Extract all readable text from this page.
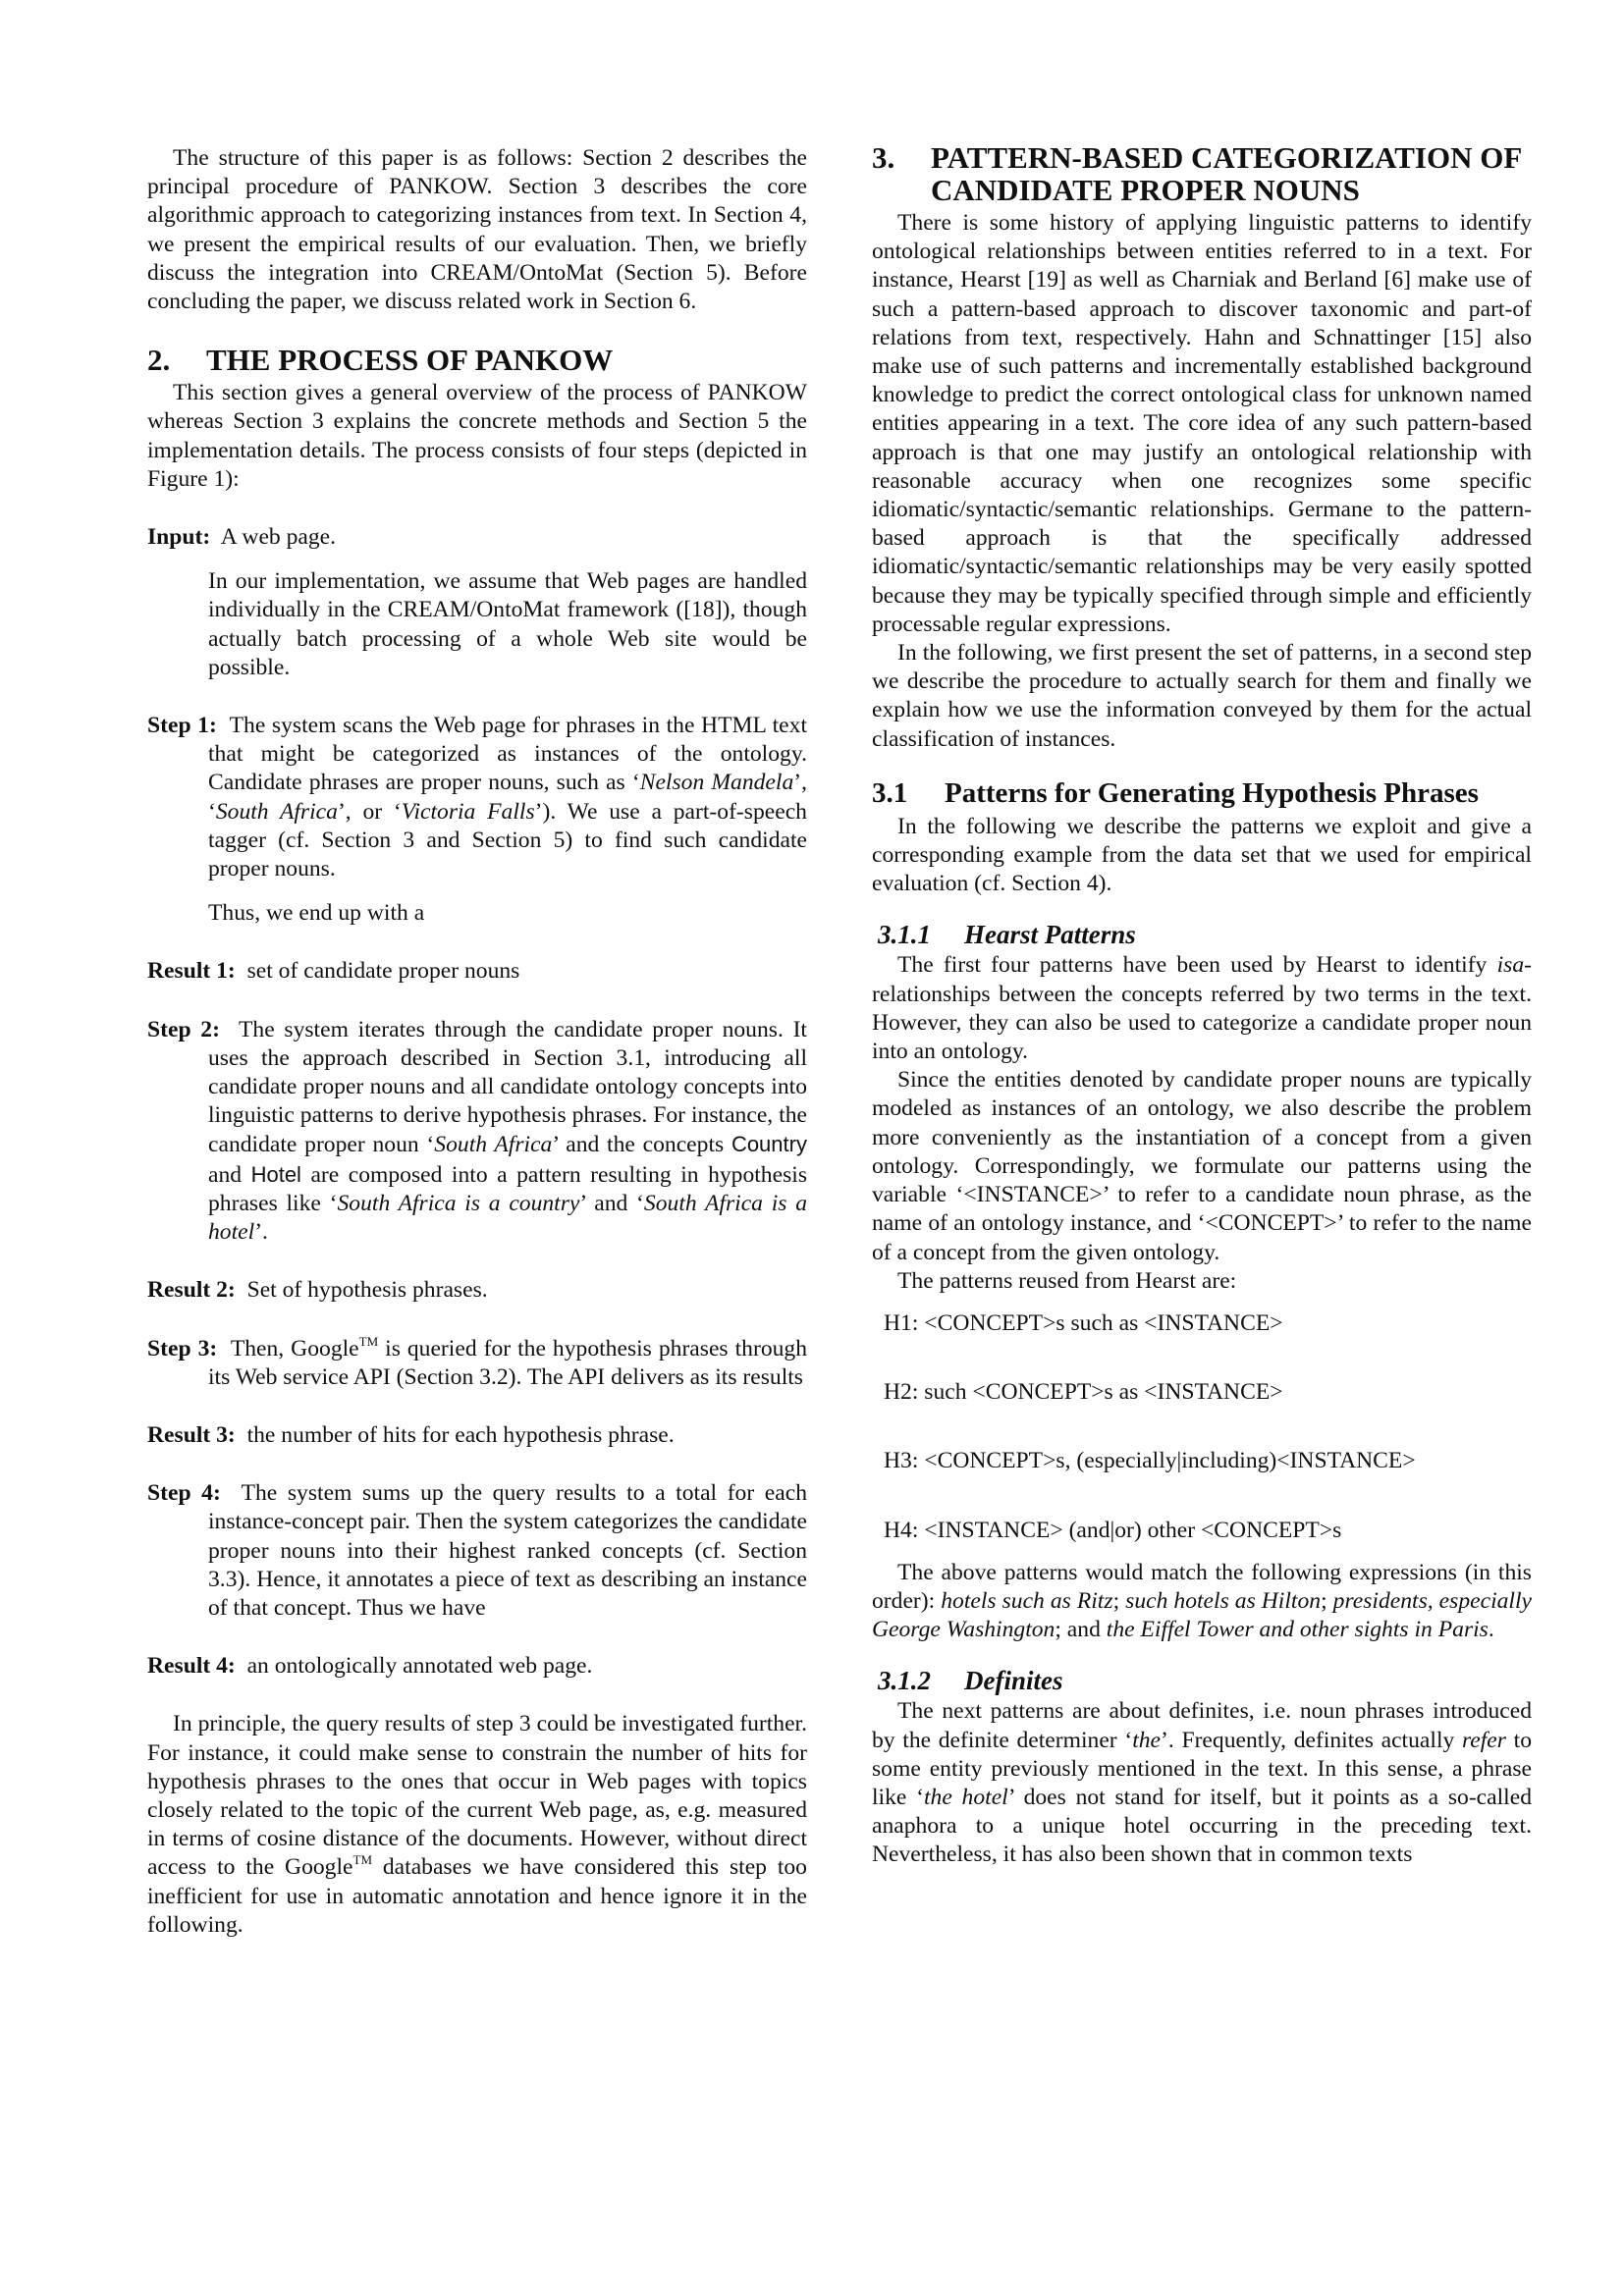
The structure of this paper is as follows: Section 2 describes the principal procedure of PANKOW. Section 3 describes the core algorithmic approach to categorizing instances from text. In Section 4, we present the empirical results of our evaluation. Then, we briefly discuss the integration into CREAM/OntoMat (Section 5). Before concluding the paper, we discuss related work in Section 6.

2.	THE PROCESS OF PANKOW

This section gives a general overview of the process of PANKOW whereas Section 3 explains the concrete methods and Section 5 the implementation details. The process consists of four steps (depicted in Figure 1):

Input: A web page.

In our implementation, we assume that Web pages are handled individually in the CREAM/OntoMat framework ([18]), though actually batch processing of a whole Web site would be possible.

Step 1: The system scans the Web page for phrases in the HTML text that might be categorized as instances of the ontology. Candidate phrases are proper nouns, such as ‘Nelson Mandela’, ‘South Africa’, or ‘Victoria Falls’). We use a part-of-speech tagger (cf. Section 3 and Section 5) to find such candidate proper nouns.

Thus, we end up with a

Result 1: set of candidate proper nouns

Step 2: The system iterates through the candidate proper nouns. It uses the approach described in Section 3.1, introducing all candidate proper nouns and all candidate ontology concepts into linguistic patterns to derive hypothesis phrases. For instance, the candidate proper noun ‘South Africa’ and the concepts Country and Hotel are composed into a pattern resulting in hypothesis phrases like ‘South Africa is a country’ and ‘South Africa is a hotel’.

Result 2: Set of hypothesis phrases.

Step 3: Then, Google™ is queried for the hypothesis phrases through its Web service API (Section 3.2). The API delivers as its results

Result 3: the number of hits for each hypothesis phrase.

Step 4: The system sums up the query results to a total for each instance-concept pair. Then the system categorizes the candidate proper nouns into their highest ranked concepts (cf. Section 3.3). Hence, it annotates a piece of text as describing an instance of that concept. Thus we have

Result 4: an ontologically annotated web page.

In principle, the query results of step 3 could be investigated further. For instance, it could make sense to constrain the number of hits for hypothesis phrases to the ones that occur in Web pages with topics closely related to the topic of the current Web page, as, e.g. measured in terms of cosine distance of the documents. However, without direct access to the Google™ databases we have considered this step too inefficient for use in automatic annotation and hence ignore it in the following.

3.	PATTERN-BASED CATEGORIZATION OF CANDIDATE PROPER NOUNS

There is some history of applying linguistic patterns to identify ontological relationships between entities referred to in a text. For instance, Hearst [19] as well as Charniak and Berland [6] make use of such a pattern-based approach to discover taxonomic and part-of relations from text, respectively. Hahn and Schnattinger [15] also make use of such patterns and incrementally established background knowledge to predict the correct ontological class for unknown named entities appearing in a text. The core idea of any such pattern-based approach is that one may justify an ontological relationship with reasonable accuracy when one recognizes some specific idiomatic/syntactic/semantic relationships. Germane to the pattern-based approach is that the specifically addressed idiomatic/syntactic/semantic relationships may be very easily spotted because they may be typically specified through simple and efficiently processable regular expressions.

In the following, we first present the set of patterns, in a second step we describe the procedure to actually search for them and finally we explain how we use the information conveyed by them for the actual classification of instances.

3.1	Patterns for Generating Hypothesis Phrases

In the following we describe the patterns we exploit and give a corresponding example from the data set that we used for empirical evaluation (cf. Section 4).

3.1.1	Hearst Patterns

The first four patterns have been used by Hearst to identify isa-relationships between the concepts referred by two terms in the text. However, they can also be used to categorize a candidate proper noun into an ontology.

Since the entities denoted by candidate proper nouns are typically modeled as instances of an ontology, we also describe the problem more conveniently as the instantiation of a concept from a given ontology. Correspondingly, we formulate our patterns using the variable ‘<INSTANCE>’ to refer to a candidate noun phrase, as the name of an ontology instance, and ‘<CONCEPT>’ to refer to the name of a concept from the given ontology.

The patterns reused from Hearst are:

H1: <CONCEPT>s such as <INSTANCE>

H2: such <CONCEPT>s as <INSTANCE>

H3: <CONCEPT>s, (especially|including)<INSTANCE>

H4: <INSTANCE> (and|or) other <CONCEPT>s

The above patterns would match the following expressions (in this order): hotels such as Ritz; such hotels as Hilton; presidents, especially George Washington; and the Eiffel Tower and other sights in Paris.

3.1.2	Definites

The next patterns are about definites, i.e. noun phrases introduced by the definite determiner ‘the’. Frequently, definites actually refer to some entity previously mentioned in the text. In this sense, a phrase like ‘the hotel’ does not stand for itself, but it points as a so-called anaphora to a unique hotel occurring in the preceding text. Nevertheless, it has also been shown that in common texts
